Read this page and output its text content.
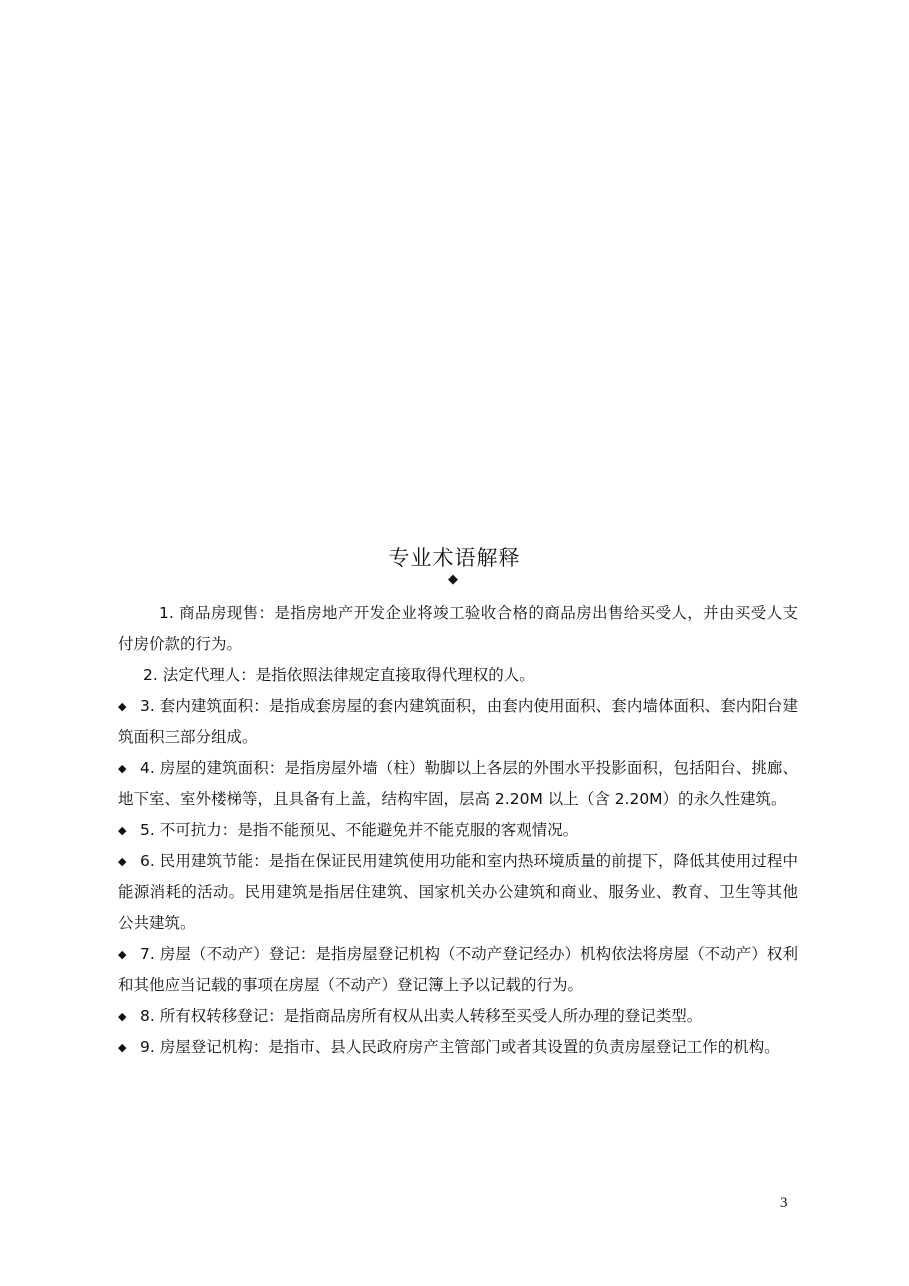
专业术语解释
◆

1. 商品房现售：是指房地产开发企业将竣工验收合格的商品房出售给买受人，并由买受人支付房价款的行为。

2. 法定代理人：是指依照法律规定直接取得代理权的人。

◆ 3. 套内建筑面积：是指成套房屋的套内建筑面积，由套内使用面积、套内墙体面积、套内阳台建筑面积三部分组成。

◆ 4. 房屋的建筑面积：是指房屋外墙（柱）勒脚以上各层的外围水平投影面积，包括阳台、挑廊、地下室、室外楼梯等，且具备有上盖，结构牢固，层高 2.20M 以上（含 2.20M）的永久性建筑。

◆ 5. 不可抗力：是指不能预见、不能避免并不能克服的客观情况。

◆ 6. 民用建筑节能：是指在保证民用建筑使用功能和室内热环境质量的前提下，降低其使用过程中能源消耗的活动。民用建筑是指居住建筑、国家机关办公建筑和商业、服务业、教育、卫生等其他公共建筑。

◆ 7. 房屋（不动产）登记：是指房屋登记机构（不动产登记经办）机构依法将房屋（不动产）权利和其他应当记载的事项在房屋（不动产）登记簿上予以记载的行为。

◆ 8. 所有权转移登记：是指商品房所有权从出卖人转移至买受人所办理的登记类型。

◆ 9. 房屋登记机构：是指市、县人民政府房产主管部门或者其设置的负责房屋登记工作的机构。

3
